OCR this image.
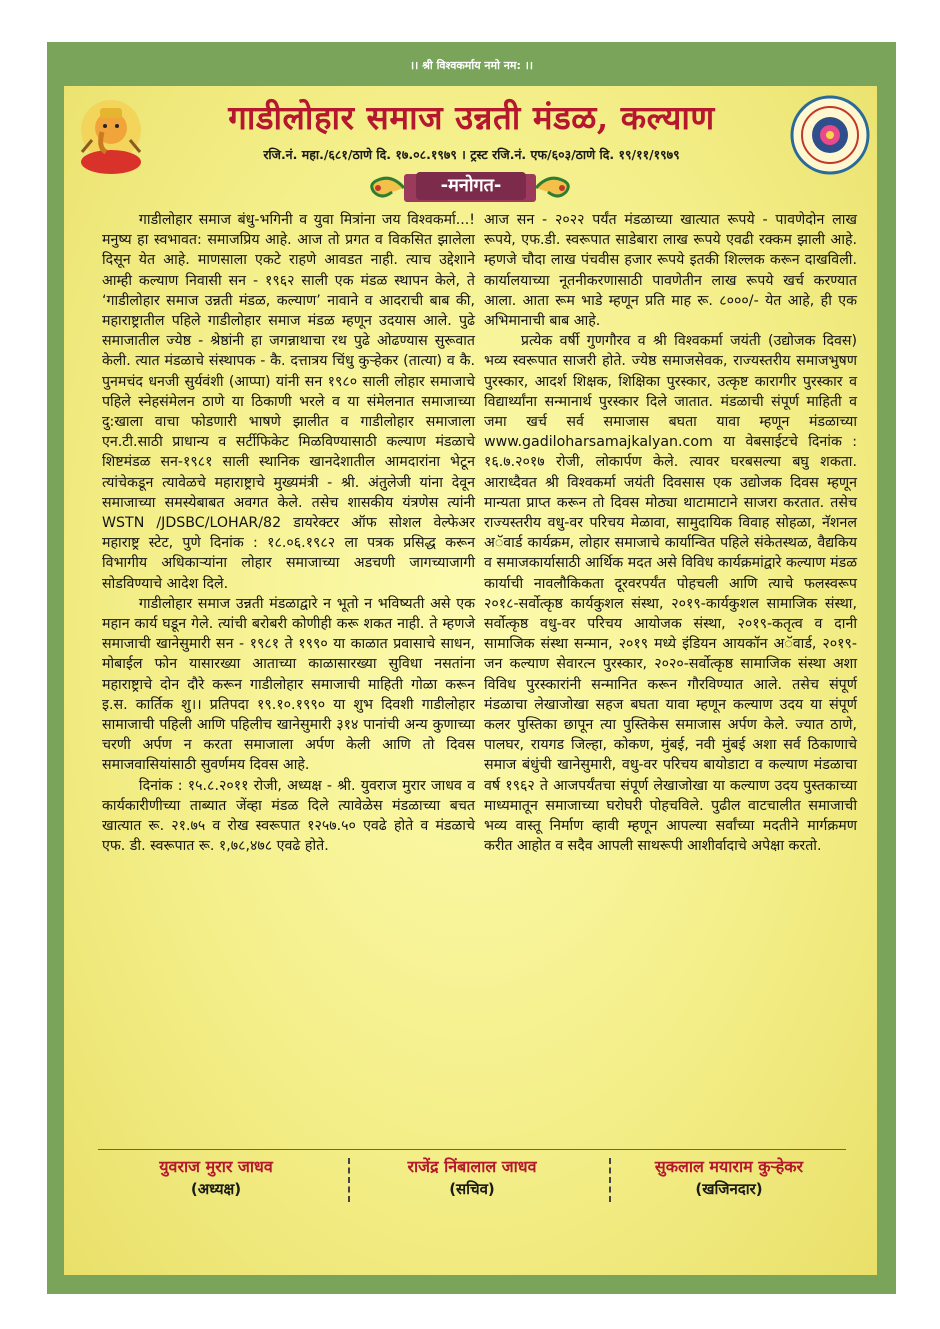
।। श्री विश्‍वकर्माय नमो नम: ।।
गाडीलोहार समाज उन्नती मंडळ, कल्याण
रजि.नं. महा./६८१/ठाणे दि. १७.०८.१९७९ । ट्रस्ट रजि.नं. एफ/६०३/ठाणे दि. १९/११/१९७९
-मनोगत-

गाडीलोहार समाज बंधु-भगिनी व युवा मित्रांना जय विश्वकर्मा...! मनुष्य हा स्वभावत: समाजप्रिय आहे. आज तो प्रगत व विकसित झालेला दिसून येत आहे. माणसाला एकटे राहणे आवडत नाही. त्याच उद्देशाने आम्ही कल्याण निवासी सन - १९६२ साली एक मंडळ स्थापन केले, ते ‘गाडीलोहार समाज उन्नती मंडळ, कल्याण’ नावाने व आदराची बाब की, महाराष्ट्रातील पहिले गाडीलोहार समाज मंडळ म्हणून उदयास आले. पुढे समाजातील ज्येष्ठ - श्रेष्ठांनी हा जगन्नाथाचा रथ पुढे ओढण्यास सुरूवात केली. त्यात मंडळाचे संस्थापक - कै. दत्तात्रय चिंधु कुऱ्हेकर (तात्या) व कै. पुनमचंद धनजी सुर्यवंशी (आप्पा) यांनी सन १९८० साली लोहार समाजाचे पहिले स्नेहसंमेलन ठाणे या ठिकाणी भरले व या संमेलनात समाजाच्या दु:खाला वाचा फोडणारी भाषणे झालीत व गाडीलोहार समाजाला एन.टी.साठी प्राधान्य व सर्टीफिकेट मिळविण्यासाठी कल्याण मंडळाचे शिष्टमंडळ सन-१९८१ साली स्थानिक खानदेशातील आमदारांना भेटून त्यांचेकडून त्यावेळचे महाराष्ट्राचे मुख्यमंत्री - श्री. अंतुलेजी यांना देवून समाजाच्या समस्येबाबत अवगत केले. तसेच शासकीय यंत्रणेस त्यांनी WSTN /JDSBC/LOHAR/82 डायरेक्टर ऑफ सोशल वेल्फेअर महाराष्ट्र स्टेट, पुणे दिनांक : १८.०६.१९८२ ला पत्रक प्रसिद्ध करून विभागीय अधिकाऱ्यांना लोहार समाजाच्या अडचणी जागच्याजागी सोडविण्याचे आदेश दिले.

गाडीलोहार समाज उन्नती मंडळाद्वारे न भूतो न भविष्यती असे एक महान कार्य घडून गेले. त्यांची बरोबरी कोणीही करू शकत नाही. ते म्हणजे समाजाची खानेसुमारी सन - १९८१ ते १९९० या काळात प्रवासाचे साधन, मोबाईल फोन यासारख्या आताच्या काळासारख्या सुविधा नसतांना महाराष्ट्राचे दोन दौरे करून गाडीलोहार समाजाची माहिती गोळा करून इ.स. कार्तिक शु।। प्रतिपदा १९.१०.१९९० या शुभ दिवशी गाडीलोहार सामाजाची पहिली आणि पहिलीच खानेसुमारी ३१४ पानांची अन्य कुणाच्या चरणी अर्पण न करता समाजाला अर्पण केली आणि तो दिवस समाजवासियांसाठी सुवर्णमय दिवस आहे.

दिनांक : १५.८.२०११ रोजी, अध्यक्ष - श्री. युवराज मुरार जाधव व कार्यकारीणीच्या ताब्यात जेंव्हा मंडळ दिले त्यावेळेस मंडळाच्या बचत खात्यात रू. २१.७५ व रोख स्वरूपात १२५७.५० एवढे होते व मंडळाचे एफ. डी. स्वरूपात रू. १,७८,४७८ एवढे होते.

आज सन - २०२२ पर्यंत मंडळाच्या खात्यात रूपये - पावणेदोन लाख रूपये, एफ.डी. स्वरूपात साडेबारा लाख रूपये एवढी रक्कम झाली आहे. म्हणजे चौदा लाख पंचवीस हजार रूपये इतकी शिल्लक करून दाखविली. कार्यालयाच्या नूतनीकरणासाठी पावणेतीन लाख रूपये खर्च करण्यात आला. आता रूम भाडे म्हणून प्रति माह रू. ८०००/- येत आहे, ही एक अभिमानाची बाब आहे.

प्रत्येक वर्षी गुणगौरव व श्री विश्वकर्मा जयंती (उद्योजक दिवस) भव्य स्वरूपात साजरी होते. ज्येष्ठ समाजसेवक, राज्यस्तरीय समाजभुषण पुरस्कार, आदर्श शिक्षक, शिक्षिका पुरस्कार, उत्कृष्ट कारागीर पुरस्कार व विद्यार्थ्यांना सन्मानार्थ पुरस्कार दिले जातात. मंडळाची संपूर्ण माहिती व जमा खर्च सर्व समाजास बघता यावा म्हणून मंडळाच्या www.gadiloharsamajkalyan.com या वेबसाईटचे दिनांक : १६.७.२०१७ रोजी, लोकार्पण केले. त्यावर घरबसल्या बघु शकता. आराध्दैवत श्री विश्वकर्मा जयंती दिवसास एक उद्योजक दिवस म्हणून मान्यता प्राप्त करून तो दिवस मोठ्या थाटामाटाने साजरा करतात. तसेच राज्यस्तरीय वधु-वर परिचय मेळावा, सामुदायिक विवाह सोहळा, नॅशनल अॅवार्ड कार्यक्रम, लोहार समाजाचे कार्यान्वित पहिले संकेतस्थळ, वैद्यकिय व समाजकार्यासाठी आर्थिक मदत असे विविध कार्यक्रमांद्वारे कल्याण मंडळ कार्याची नावलौकिकता दूरवरपर्यंत पोहचली आणि त्याचे फलस्वरूप २०१८-सर्वोत्कृष्ठ कार्यकुशल संस्था, २०१९-कार्यकुशल सामाजिक संस्था, सर्वोत्कृष्ठ वधु-वर परिचय आयोजक संस्था, २०१९-कतृत्व व दानी सामाजिक संस्था सन्मान, २०१९ मध्ये इंडियन आयकॉन अॅवार्ड, २०१९-जन कल्याण सेवारत्न पुरस्कार, २०२०-सर्वोत्कृष्ठ सामाजिक संस्था अशा विविध पुरस्कारांनी सन्मानित करून गौरविण्यात आले. तसेच संपूर्ण मंडळाचा लेखाजोखा सहज बघता यावा म्हणून कल्याण उदय या संपूर्ण कलर पुस्तिका छापून त्या पुस्तिकेस समाजास अर्पण केले. ज्यात ठाणे, पालघर, रायगड जिल्हा, कोकण, मुंबई, नवी मुंबई अशा सर्व ठिकाणाचे समाज बंधुंची खानेसुमारी, वधु-वर परिचय बायोडाटा व कल्याण मंडळाचा वर्ष १९६२ ते आजपर्यंतचा संपूर्ण लेखाजोखा या कल्याण उदय पुस्तकाच्या माध्यमातून समाजाच्या घरोघरी पोहचविले. पुढील वाटचालीत समाजाची भव्य वास्तू निर्माण व्हावी म्हणून आपल्या सर्वांच्या मदतीने मार्गक्रमण करीत आहोत व सदैव आपली साथरूपी आशीर्वादाचे अपेक्षा करतो.

युवराज मुरार जाधव
(अध्यक्ष)
राजेंद्र निंबालाल जाधव
(सचिव)
सुकलाल मयाराम कुऱ्हेकर
(खजिनदार)
